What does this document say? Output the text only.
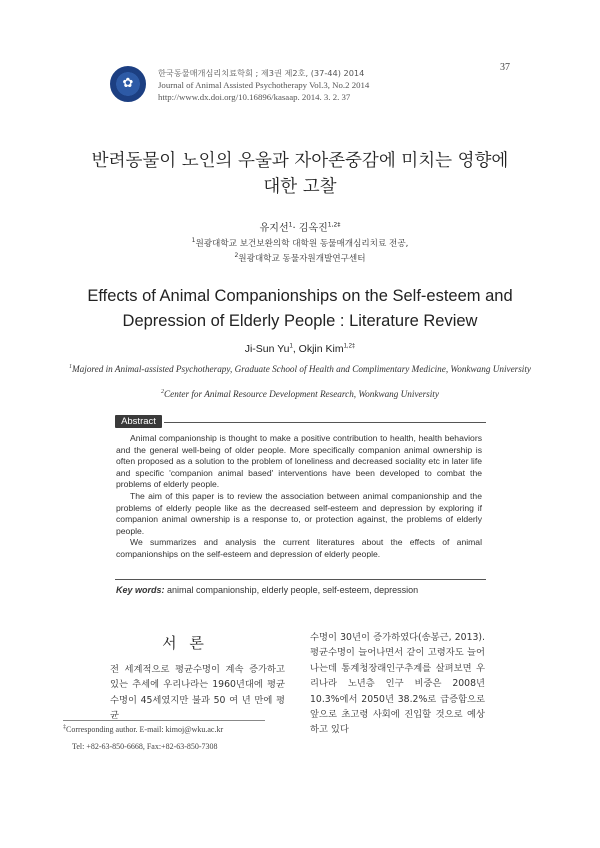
✿
한국동물매개심리치료학회 ; 제3권 제2호, (37-44) 2014
Journal of Animal Assisted Psychotherapy Vol.3, No.2 2014
http://www.dx.doi.org/10.16896/kasaap. 2014. 3. 2. 37
37
반려동물이 노인의 우울과 자아존중감에 미치는 영향에
대한 고찰
유지선$^1$· 김옥진$^{1,2\ddagger}$
$^1$원광대학교 보건보완의학 대학원 동물매개심리치료 전공,
$^2$원광대학교 동물자원개발연구센터
Effects of Animal Companionships on the Self-esteem and
Depression of Elderly People : Literature Review
Ji-Sun Yu$^1$, Okjin Kim$^{1,2\ddagger}$
$^1$Majored in Animal-assisted Psychotherapy, Graduate School of Health and Complimentary Medicine, Wonkwang University
$^2$Center for Animal Resource Development Research, Wonkwang University
Abstract

Animal companionship is thought to make a positive contribution to health, health behaviors and the general well-being of older people. More specifically companion animal ownership is often proposed as a solution to the problem of loneliness and decreased sociality etc in later life and specific 'companion animal based' interventions have been developed to combat the problems of elderly people.

The aim of this paper is to review the association between animal companionship and the problems of elderly people like as the decreased self-esteem and depression by exploring if companion animal ownership is a response to, or protection against, the problems of elderly people.

We summarizes and analysis the current literatures about the effects of animal companionships on the self-esteem and depression of elderly people.

Key words: animal companionship, elderly people, self-esteem, depression
서 론
전 세계적으로 평균수명이 계속 증가하고 있는 추세에 우리나라는 1960년대에 평균수명이 45세였지만 불과 50 여 년 만에 평균
수명이 30년이 증가하였다(송봉근, 2013). 평균수명이 늘어나면서 같이 고령자도 늘어나는데 통계청장래인구추계를 살펴보면 우리나라 노년층 인구 비중은 2008년 10.3%에서 2050년 38.2%로 급증함으로 앞으로 초고령 사회에 진입할 것으로 예상하고 있다
‡Corresponding author. E-mail: kimoj@wku.ac.kr
Tel: +82-63-850-6668, Fax:+82-63-850-7308
